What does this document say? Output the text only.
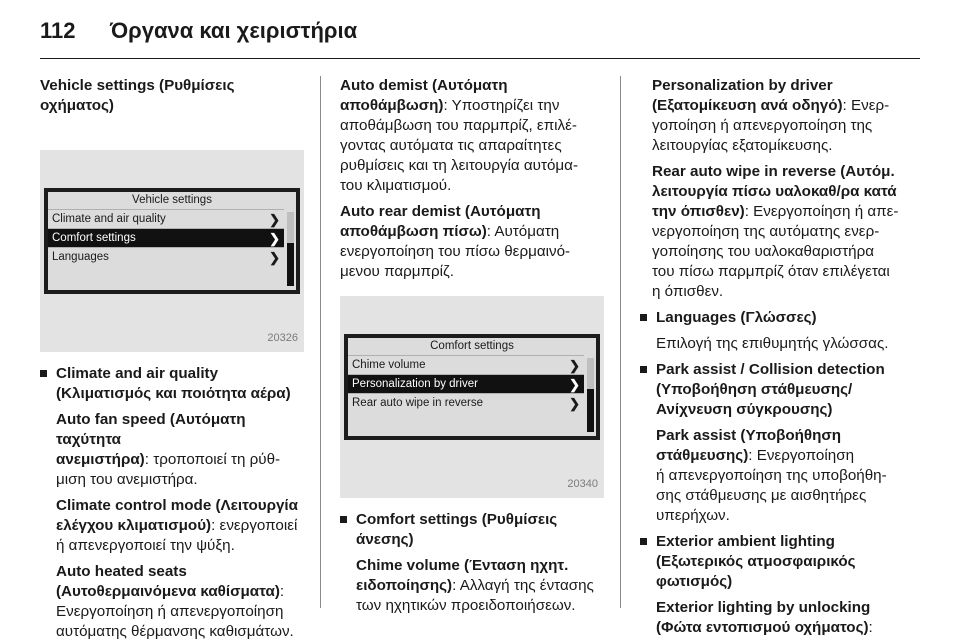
112	Όργανα και χειριστήρια

Vehicle settings (Ρυθμίσεις

οχήματος)

Vehicle settings
Climate and air quality	❯
Comfort settings	❯
Languages	❯
20326

Climate and air quality

(Κλιματισμός και ποιότητα αέρα)

Auto fan speed (Αυτόματη ταχύτητα

ανεμιστήρα): τροποποιεί τη ρύθ-

μιση του ανεμιστήρα.

Climate control mode (Λειτουργία

ελέγχου κλιματισμού): ενεργοποιεί

ή απενεργοποιεί την ψύξη.

Auto heated seats

(Αυτοθερμαινόμενα καθίσματα):

Ενεργοποίηση ή απενεργοποίηση

αυτόματης θέρμανσης καθισμάτων.

Auto demist (Αυτόματη

αποθάμβωση): Υποστηρίζει την

αποθάμβωση του παρμπρίζ, επιλέ-

γοντας αυτόματα τις απαραίτητες

ρυθμίσεις και τη λειτουργία αυτόμα-

του κλιματισμού.

Auto rear demist (Αυτόματη

αποθάμβωση πίσω): Αυτόματη

ενεργοποίηση του πίσω θερμαινό-

μενου παρμπρίζ.

Comfort settings
Chime volume	❯
Personalization by driver	❯
Rear auto wipe in reverse	❯
20340

Comfort settings (Ρυθμίσεις

άνεσης)

Chime volume (Ένταση ηχητ.

ειδοποίησης): Αλλαγή της έντασης

των ηχητικών προειδοποιήσεων.

Personalization by driver

(Εξατομίκευση ανά οδηγό): Ενερ-

γοποίηση ή απενεργοποίηση της

λειτουργίας εξατομίκευσης.

Rear auto wipe in reverse (Αυτόμ.

λειτουργία πίσω υαλοκαθ/ρα κατά

την όπισθεν): Ενεργοποίηση ή απε-

νεργοποίηση της αυτόματης ενερ-

γοποίησης του υαλοκαθαριστήρα

του πίσω παρμπρίζ όταν επιλέγεται

η όπισθεν.

Languages (Γλώσσες)

Επιλογή της επιθυμητής γλώσσας.

Park assist / Collision detection

(Υποβοήθηση στάθμευσης/

Ανίχνευση σύγκρουσης)

Park assist (Υποβοήθηση

στάθμευσης): Ενεργοποίηση

ή απενεργοποίηση της υποβοήθη-

σης στάθμευσης με αισθητήρες

υπερήχων.

Exterior ambient lighting

(Εξωτερικός ατμοσφαιρικός

φωτισμός)

Exterior lighting by unlocking

(Φώτα εντοπισμού οχήματος):
